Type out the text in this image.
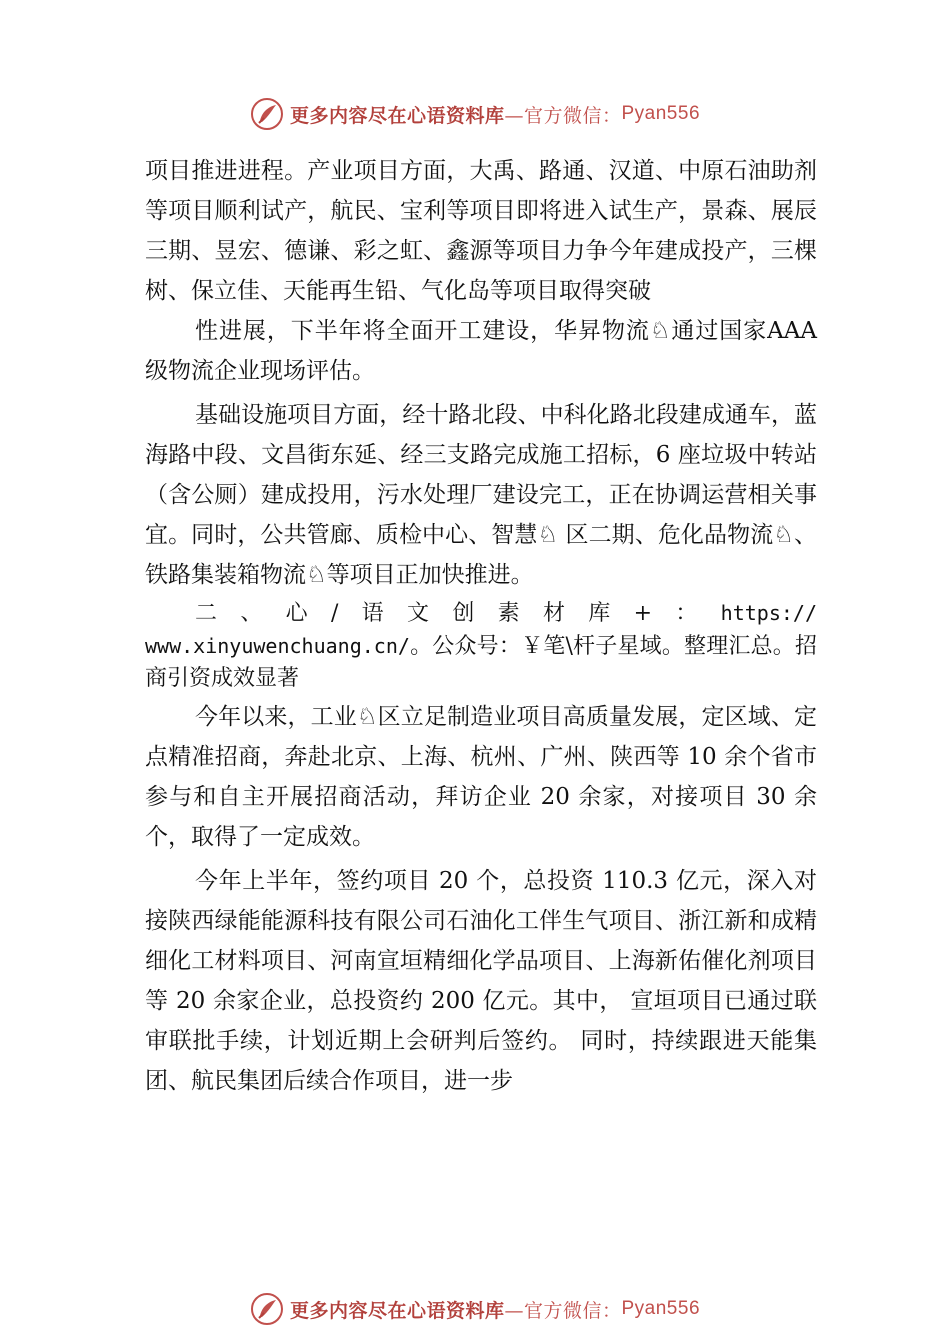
更多内容尽在心语资料库 —官方微信： Pyan556

项目推进进程。产业项目方面，大禹、路通、汉道、中原石油助剂等项目顺利试产，航民、宝利等项目即将进入试生产，景森、展辰三期、昱宏、德谦、彩之虹、鑫源等项目力争今年建成投产，三棵树、保立佳、天能再生铅、气化岛等项目取得突破

性进展，下半年将全面开工建设，华昇物流♘通过国家AAA 级物流企业现场评估。

基础设施项目方面，经十路北段、中科化路北段建成通车，蓝海路中段、文昌街东延、经三支路完成施工招标，6 座垃圾中转站（含公厕）建成投用，污水处理厂建设完工，正在协调运营相关事宜。同时，公共管廊、质检中心、智慧♘ 区二期、危化品物流♘、铁路集装箱物流♘等项目正加快推进。

二、心/语文创素材库+：https:// www.xinyuwenchuang.cn/。公众号：￥笔\杆子星域。整理汇总。招商引资成效显著

今年以来，工业♘区立足制造业项目高质量发展，定区域、定点精准招商，奔赴北京、上海、杭州、广州、陕西等 10 余个省市参与和自主开展招商活动，拜访企业 20 余家，对接项目 30 余个，取得了一定成效。

今年上半年，签约项目 20 个，总投资 110.3 亿元，深入对接陕西绿能能源科技有限公司石油化工伴生气项目、浙江新和成精细化工材料项目、河南宣垣精细化学品项目、上海新佑催化剂项目等 20 余家企业，总投资约 200 亿元。其中， 宣垣项目已通过联审联批手续，计划近期上会研判后签约。 同时，持续跟进天能集团、航民集团后续合作项目，进一步

更多内容尽在心语资料库 —官方微信： Pyan556
